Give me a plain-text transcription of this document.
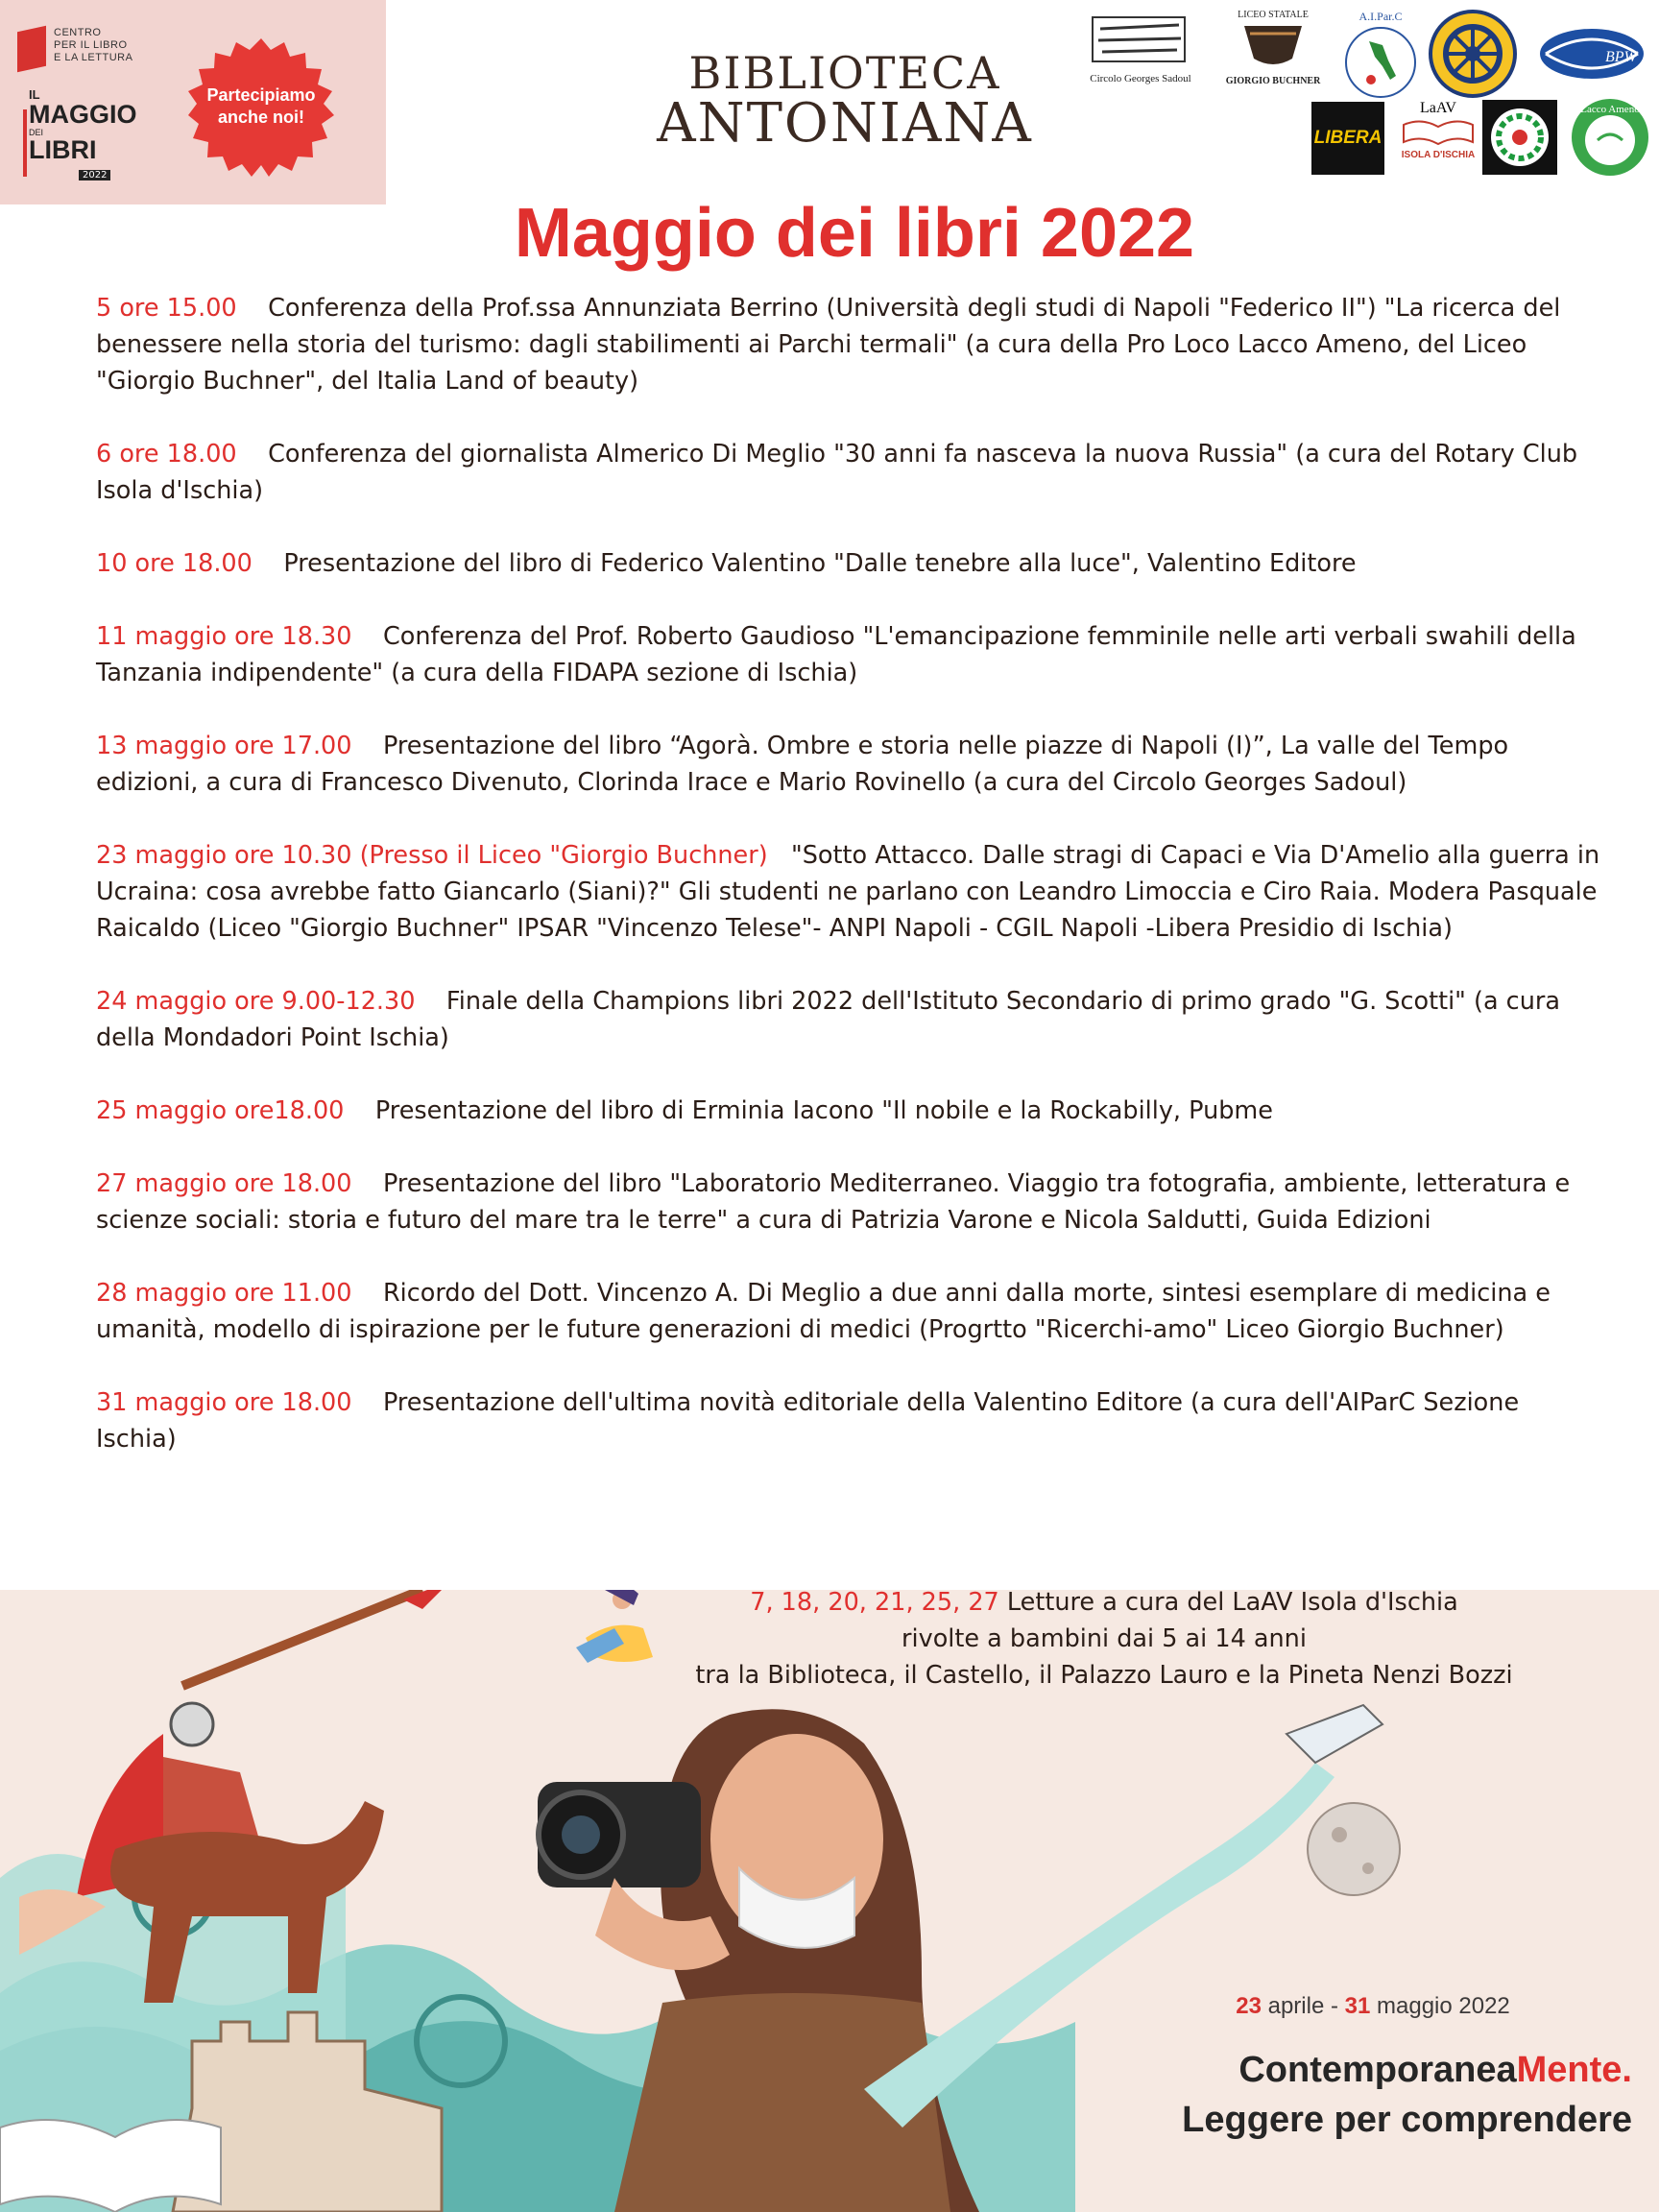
CENTRO
PER IL LIBRO
E LA LETTURA
IL
MAGGIO
DEI
LIBRI
2022
Partecipiamo
anche noi!
BIBLIOTECA
ANTONIANA
Circolo Georges Sadoul
LICEO STATALE
GIORGIO BUCHNER
A.I.Par.C
BPW
LIBERA
LaAV
ISOLA D'ISCHIA
Lacco Ameno
Maggio dei libri 2022
5 ore 15.00 Conferenza della Prof.ssa Annunziata Berrino (Università degli studi di Napoli "Federico II") "La ricerca del benessere nella storia del turismo: dagli stabilimenti ai Parchi termali" (a cura della Pro Loco Lacco Ameno, del Liceo "Giorgio Buchner", del Italia Land of beauty)
6 ore 18.00 Conferenza del giornalista Almerico Di Meglio "30 anni fa nasceva la nuova Russia" (a cura del Rotary Club Isola d'Ischia)
10 ore 18.00 Presentazione del libro di Federico Valentino "Dalle tenebre alla luce", Valentino Editore
11 maggio ore 18.30 Conferenza del Prof. Roberto Gaudioso "L'emancipazione femminile nelle arti verbali swahili della Tanzania indipendente" (a cura della FIDAPA sezione di Ischia)
13 maggio ore 17.00 Presentazione del libro “Agorà. Ombre e storia nelle piazze di Napoli (I)”, La valle del Tempo edizioni, a cura di Francesco Divenuto, Clorinda Irace e Mario Rovinello (a cura del Circolo Georges Sadoul)
23 maggio ore 10.30 (Presso il Liceo "Giorgio Buchner) "Sotto Attacco. Dalle stragi di Capaci e Via D'Amelio alla guerra in Ucraina: cosa avrebbe fatto Giancarlo (Siani)?" Gli studenti ne parlano con Leandro Limoccia e Ciro Raia. Modera Pasquale Raicaldo (Liceo "Giorgio Buchner" IPSAR "Vincenzo Telese"- ANPI Napoli - CGIL Napoli -Libera Presidio di Ischia)
24 maggio ore 9.00-12.30 Finale della Champions libri 2022 dell'Istituto Secondario di primo grado "G. Scotti" (a cura della Mondadori Point Ischia)
25 maggio ore18.00 Presentazione del libro di Erminia Iacono "Il nobile e la Rockabilly, Pubme
27 maggio ore 18.00 Presentazione del libro "Laboratorio Mediterraneo. Viaggio tra fotografia, ambiente, letteratura e scienze sociali: storia e futuro del mare tra le terre" a cura di Patrizia Varone e Nicola Saldutti, Guida Edizioni
28 maggio ore 11.00 Ricordo del Dott. Vincenzo A. Di Meglio a due anni dalla morte, sintesi esemplare di medicina e umanità, modello di ispirazione per le future generazioni di medici (Progrtto "Ricerchi-amo" Liceo Giorgio Buchner)
31 maggio ore 18.00 Presentazione dell'ultima novità editoriale della Valentino Editore (a cura dell'AIParC Sezione Ischia)
7, 18, 20, 21, 25, 27 Letture a cura del LaAV Isola d'Ischia
rivolte a bambini dai 5 ai 14 anni
tra la Biblioteca, il Castello, il Palazzo Lauro e la Pineta Nenzi Bozzi
23 aprile - 31 maggio 2022
ContemporaneaMente.
Leggere per comprendere
